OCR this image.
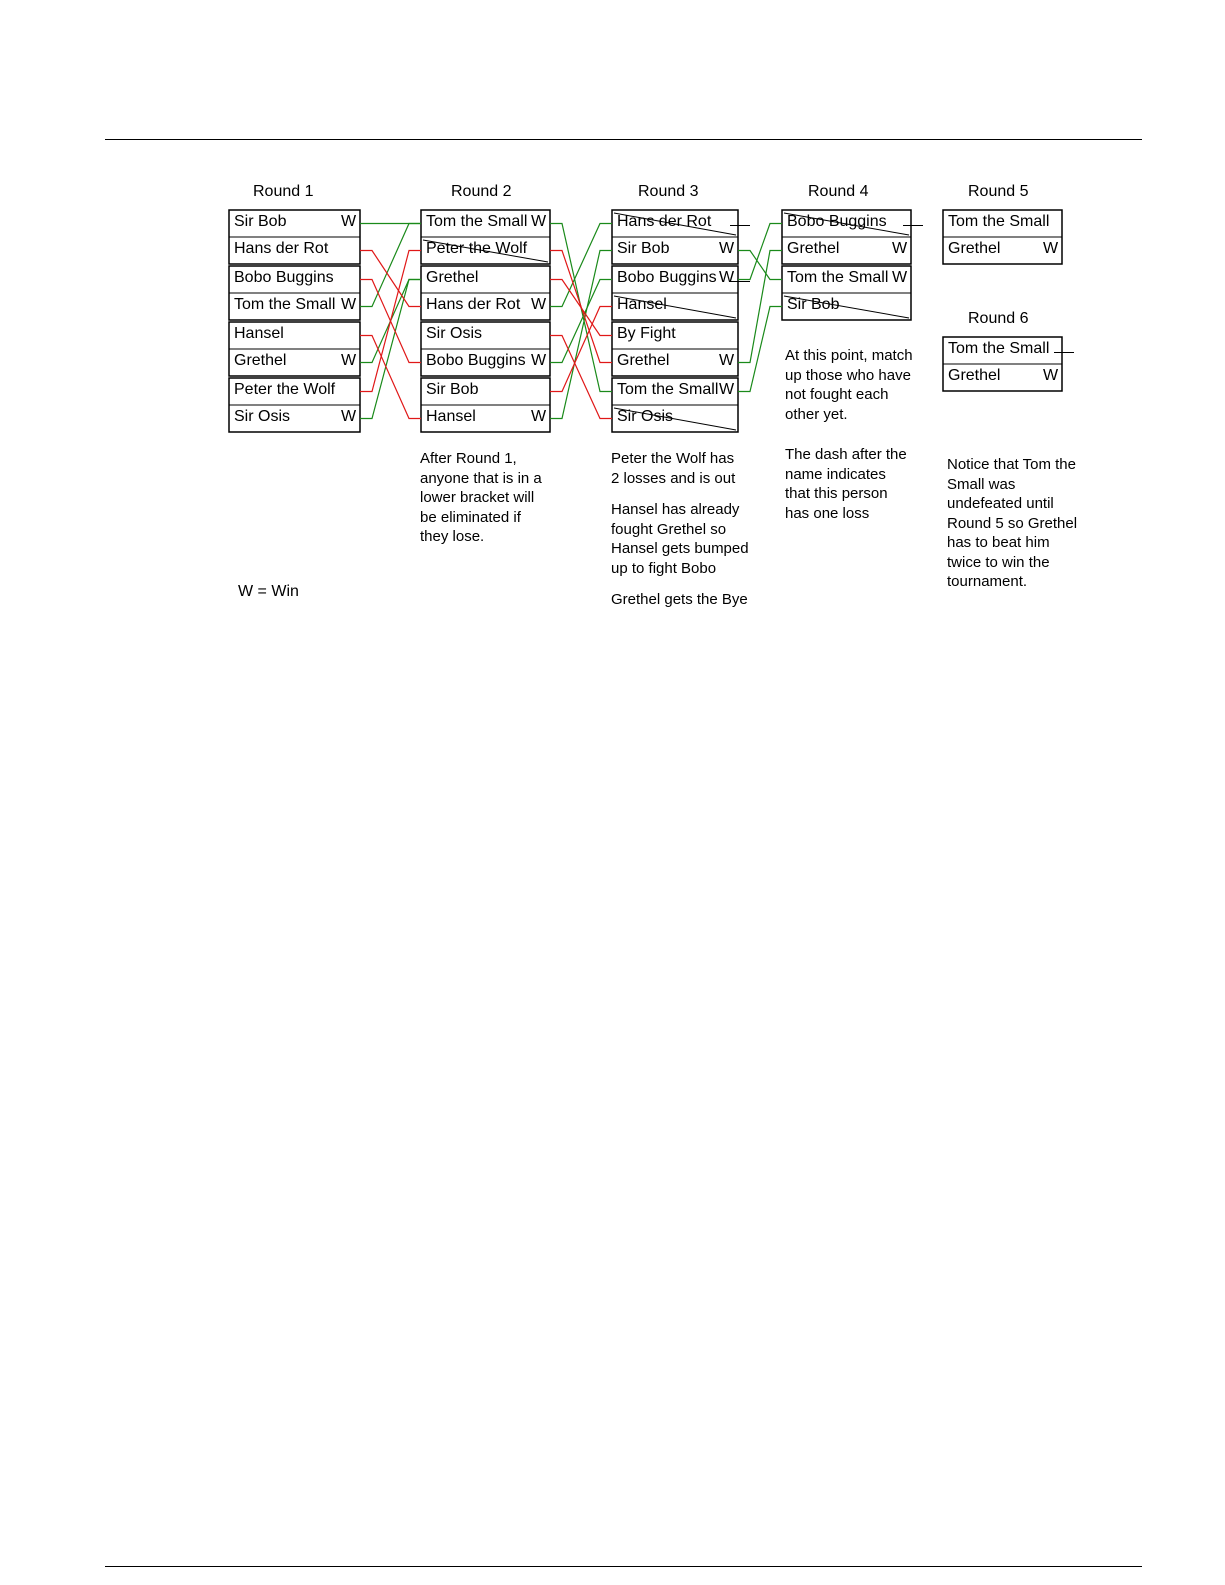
Round 1
Sir Bob	W
Hans der Rot
Bobo Buggins
Tom the Small W
Hansel
Grethel	W
Peter the Wolf
Sir Osis	W
Round 2
Tom the Small W
Peter the Wolf
Grethel
Hans der Rot W
Sir Osis
Bobo Buggins W
Sir Bob
Hansel	W
Round 3
Hans der Rot
Sir Bob	W
Bobo Buggins W
Hansel
By Fight
Grethel	W
Tom the Small W
Sir Osis
Round 4
Bobo Buggins
Grethel	W
Tom the Small W
Sir Bob
Round 5
Tom the Small
Grethel	W
Round 6
Tom the Small
Grethel	W
After Round 1,
anyone that is in a
lower bracket will
be eliminated if
they lose.
Peter the Wolf has
2 losses and is out
Hansel has already
fought Grethel so
Hansel gets bumped
up to fight Bobo
Grethel gets the Bye
At this point, match
up those who have
not fought each
other yet.
The dash after the
name indicates
that this person
has one loss
Notice that Tom the
Small was
undefeated until
Round 5 so Grethel
has to beat him
twice to win the
tournament.
W = Win
